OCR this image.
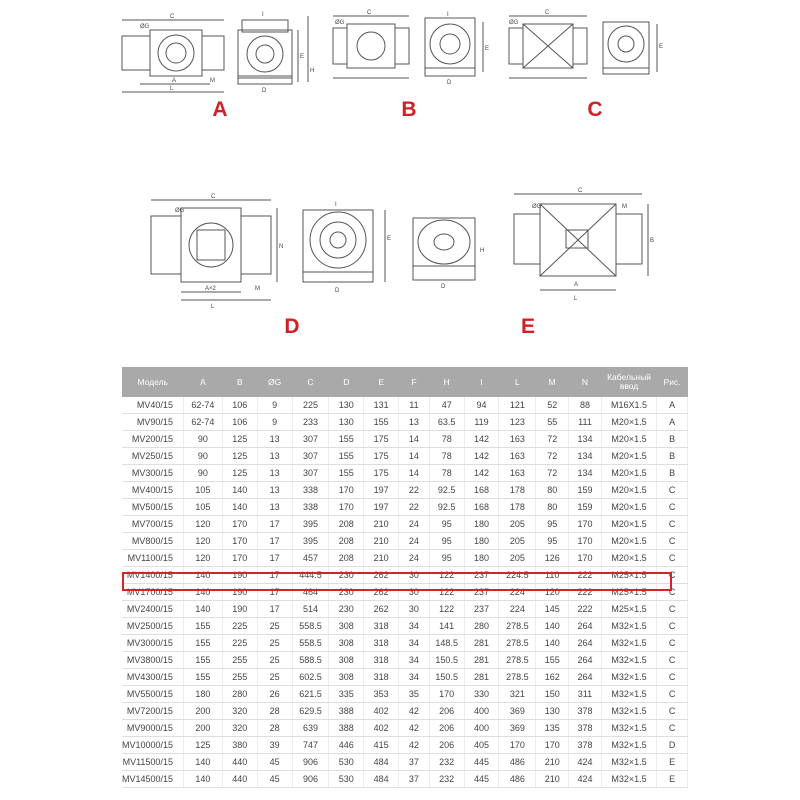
C
ØG
A
L
M
I
D
E
H
C
ØG
I
E
D
C
ØG
E
C
ØG
N
A×2
L
M
I
E
D
H
D
C
ØG	M
B
A
L
A	B	C
D	E
Модель	A	B	ØG	C	D	E	F	H	I	L	M	N	Кабельный ввод	Рис.
MV40/15	62-74	106	9	225	130	131	11	47	94	121	52	88	M16X1.5	A
MV90/15	62-74	106	9	233	130	155	13	63.5	119	123	55	111	M20×1.5	A
MV200/15	90	125	13	307	155	175	14	78	142	163	72	134	M20×1.5	B
MV250/15	90	125	13	307	155	175	14	78	142	163	72	134	M20×1.5	B
MV300/15	90	125	13	307	155	175	14	78	142	163	72	134	M20×1.5	B
MV400/15	105	140	13	338	170	197	22	92.5	168	178	80	159	M20×1.5	C
MV500/15	105	140	13	338	170	197	22	92.5	168	178	80	159	M20×1.5	C
MV700/15	120	170	17	395	208	210	24	95	180	205	95	170	M20×1.5	C
MV800/15	120	170	17	395	208	210	24	95	180	205	95	170	M20×1.5	C
MV1100/15	120	170	17	457	208	210	24	95	180	205	126	170	M20×1.5	C
MV1400/15	140	190	17	444.5	230	262	30	122	237	224.5	110	222	M25×1.5	C
MV1700/15	140	190	17	464	230	262	30	122	237	224	120	222	M25×1.5	C
MV2400/15	140	190	17	514	230	262	30	122	237	224	145	222	M25×1.5	C
MV2500/15	155	225	25	558.5	308	318	34	141	280	278.5	140	264	M32×1.5	C
MV3000/15	155	225	25	558.5	308	318	34	148.5	281	278.5	140	264	M32×1.5	C
MV3800/15	155	255	25	588.5	308	318	34	150.5	281	278.5	155	264	M32×1.5	C
MV4300/15	155	255	25	602.5	308	318	34	150.5	281	278.5	162	264	M32×1.5	C
MV5500/15	180	280	26	621.5	335	353	35	170	330	321	150	311	M32×1.5	C
MV7200/15	200	320	28	629.5	388	402	42	206	400	369	130	378	M32×1.5	C
MV9000/15	200	320	28	639	388	402	42	206	400	369	135	378	M32×1.5	C
MV10000/15	125	380	39	747	446	415	42	206	405	170	170	378	M32×1.5	D
MV11500/15	140	440	45	906	530	484	37	232	445	486	210	424	M32×1.5	E
MV14500/15	140	440	45	906	530	484	37	232	445	486	210	424	M32×1.5	E
